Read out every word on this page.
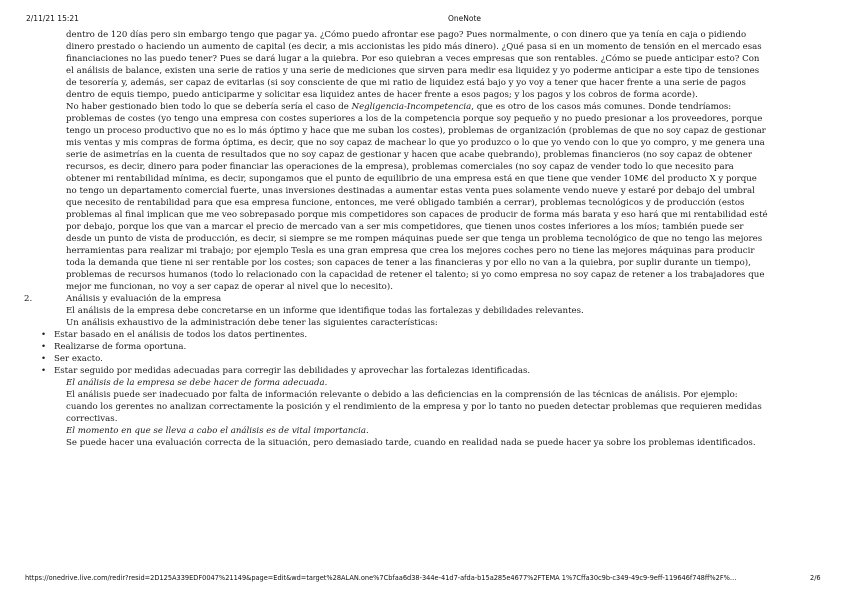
2/11/21 15:21	OneNote

dentro de 120 días pero sin embargo tengo que pagar ya. ¿Cómo puedo afrontar ese pago? Pues normalmente, o con dinero que ya tenía en caja o pidiendo dinero prestado o haciendo un aumento de capital (es decir, a mis accionistas les pido más dinero). ¿Qué pasa si en un momento de tensión en el mercado esas financiaciones no las puedo tener? Pues se dará lugar a la quiebra. Por eso quiebran a veces empresas que son rentables. ¿Cómo se puede anticipar esto? Con el análisis de balance, existen una serie de ratios y una serie de mediciones que sirven para medir esa liquidez y yo poderme anticipar a este tipo de tensiones de tesorería y, además, ser capaz de evitarlas (si soy consciente de que mi ratio de liquidez está bajo y yo voy a tener que hacer frente a una serie de pagos dentro de equis tiempo, puedo anticiparme y solicitar esa liquidez antes de hacer frente a esos pagos; y los pagos y los cobros de forma acorde).

No haber gestionado bien todo lo que se debería sería el caso de Negligencia-Incompetencia, que es otro de los casos más comunes. Donde tendríamos: problemas de costes (yo tengo una empresa con costes superiores a los de la competencia porque soy pequeño y no puedo presionar a los proveedores, porque tengo un proceso productivo que no es lo más óptimo y hace que me suban los costes), problemas de organización (problemas de que no soy capaz de gestionar mis ventas y mis compras de forma óptima, es decir, que no soy capaz de machear lo que yo produzco o lo que yo vendo con lo que yo compro, y me genera una serie de asimetrías en la cuenta de resultados que no soy capaz de gestionar y hacen que acabe quebrando), problemas financieros (no soy capaz de obtener recursos, es decir, dinero para poder financiar las operaciones de la empresa), problemas comerciales (no soy capaz de vender todo lo que necesito para obtener mi rentabilidad mínima, es decir, supongamos que el punto de equilibrio de una empresa está en que tiene que vender 10M€ del producto X y porque no tengo un departamento comercial fuerte, unas inversiones destinadas a aumentar estas venta pues solamente vendo nueve y estaré por debajo del umbral que necesito de rentabilidad para que esa empresa funcione, entonces, me veré obligado también a cerrar), problemas tecnológicos y de producción (estos problemas al final implican que me veo sobrepasado porque mis competidores son capaces de producir de forma más barata y eso hará que mi rentabilidad esté por debajo, porque los que van a marcar el precio de mercado van a ser mis competidores, que tienen unos costes inferiores a los míos; también puede ser desde un punto de vista de producción, es decir, si siempre se me rompen máquinas puede ser que tenga un problema tecnológico de que no tengo las mejores herramientas para realizar mi trabajo; por ejemplo Tesla es una gran empresa que crea los mejores coches pero no tiene las mejores máquinas para producir toda la demanda que tiene ni ser rentable por los costes; son capaces de tener a las financieras y por ello no van a la quiebra, por suplir durante un tiempo), problemas de recursos humanos (todo lo relacionado con la capacidad de retener el talento; si yo como empresa no soy capaz de retener a los trabajadores que mejor me funcionan, no voy a ser capaz de operar al nivel que lo necesito).

2.	Análisis y evaluación de la empresa

El análisis de la empresa debe concretarse en un informe que identifique todas las fortalezas y debilidades relevantes.

Un análisis exhaustivo de la administración debe tener las siguientes características:

• Estar basado en el análisis de todos los datos pertinentes.
• Realizarse de forma oportuna.
• Ser exacto.
• Estar seguido por medidas adecuadas para corregir las debilidades y aprovechar las fortalezas identificadas.

El análisis de la empresa se debe hacer de forma adecuada.

El análisis puede ser inadecuado por falta de información relevante o debido a las deficiencias en la comprensión de las técnicas de análisis. Por ejemplo: cuando los gerentes no analizan correctamente la posición y el rendimiento de la empresa y por lo tanto no pueden detectar problemas que requieren medidas correctivas.

El momento en que se lleva a cabo el análisis es de vital importancia.

Se puede hacer una evaluación correcta de la situación, pero demasiado tarde, cuando en realidad nada se puede hacer ya sobre los problemas identificados.

https://onedrive.live.com/redir?resid=2D125A339EDF0047%21149&page=Edit&wd=target%28ALAN.one%7Cbfaa6d38-344e-41d7-afda-b15a285e4677%2FTEMA 1%7Cffa30c9b-c349-49c9-9eff-119646f748ff%2F%…	2/6
